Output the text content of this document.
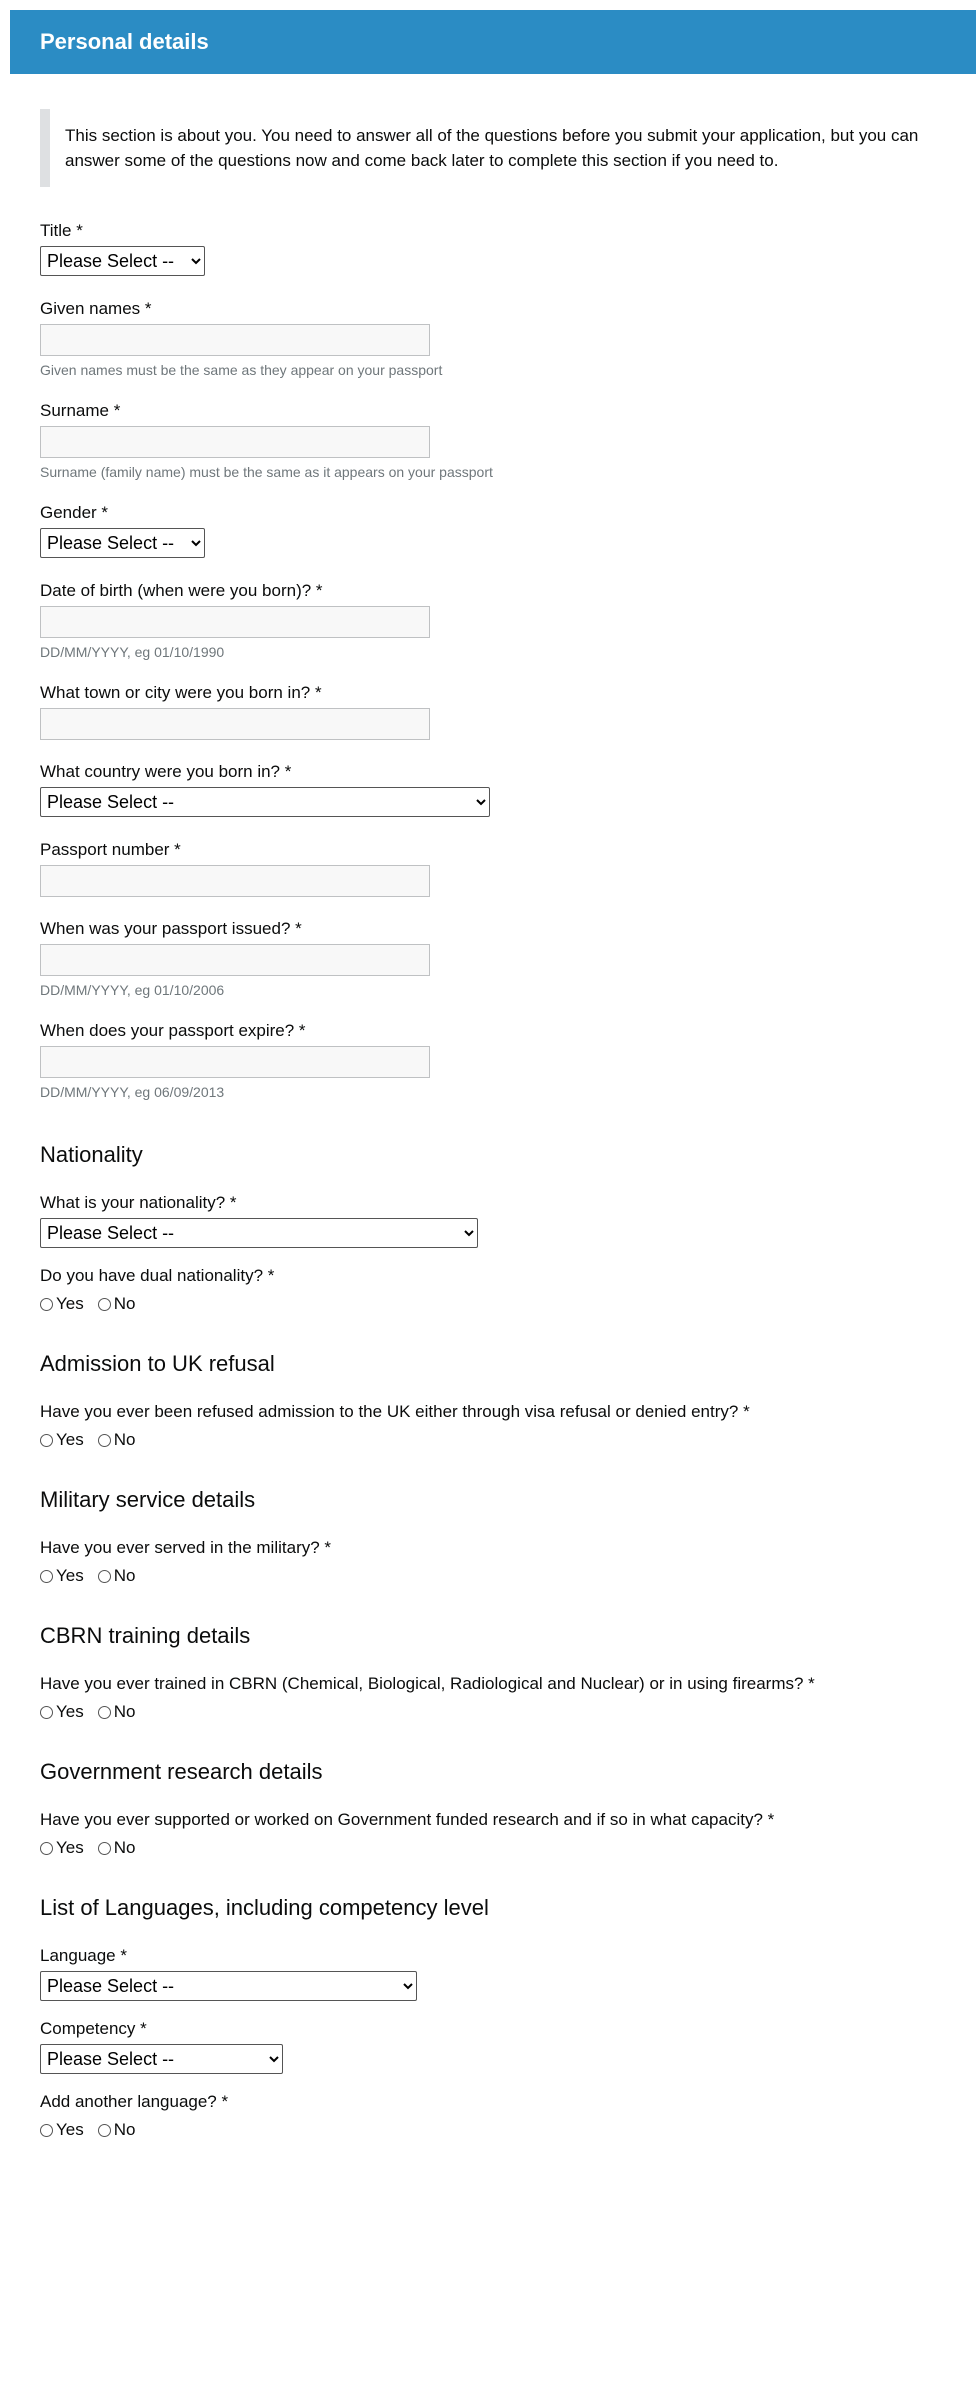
Personal details
This section is about you. You need to answer all of the questions before you submit your application, but you can answer some of the questions now and come back later to complete this section if you need to.
Title *
Please Select --
Given names *
Given names must be the same as they appear on your passport
Surname *
Surname (family name) must be the same as it appears on your passport
Gender *
Please Select --
Date of birth (when were you born)? *
DD/MM/YYYY, eg 01/10/1990
What town or city were you born in? *
What country were you born in? *
Please Select --
Passport number *
When was your passport issued? *
DD/MM/YYYY, eg 01/10/2006
When does your passport expire? *
DD/MM/YYYY, eg 06/09/2013
Nationality
What is your nationality? *
Please Select --
Do you have dual nationality? *
Yes No
Admission to UK refusal
Have you ever been refused admission to the UK either through visa refusal or denied entry? *
Yes No
Military service details
Have you ever served in the military? *
Yes No
CBRN training details
Have you ever trained in CBRN (Chemical, Biological, Radiological and Nuclear) or in using firearms? *
Yes No
Government research details
Have you ever supported or worked on Government funded research and if so in what capacity? *
Yes No
List of Languages, including competency level
Language *
Please Select --
Competency *
Please Select --
Add another language? *
Yes No
